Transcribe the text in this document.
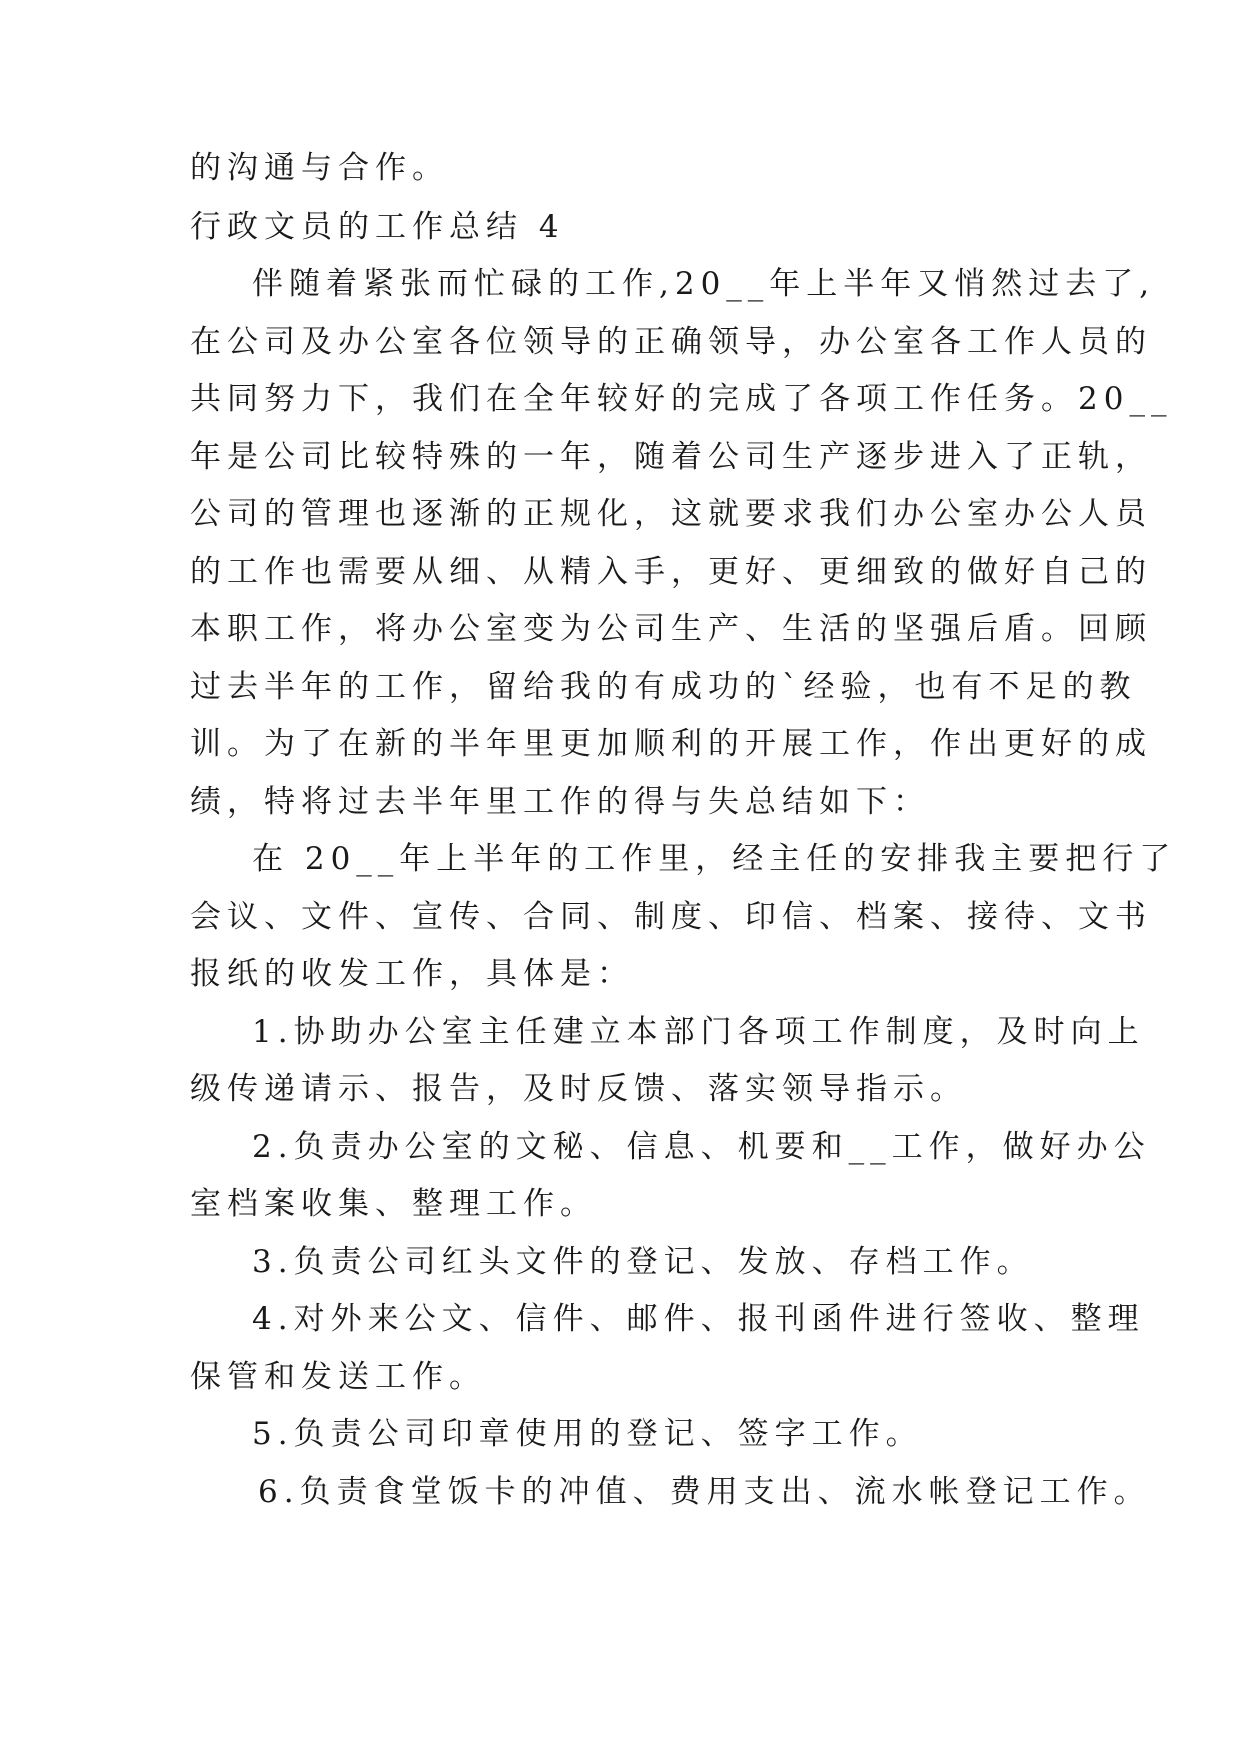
的沟通与合作。
行政文员的工作总结 4
伴随着紧张而忙碌的工作,20__年上半年又悄然过去了,
在公司及办公室各位领导的正确领导，办公室各工作人员的
共同努力下，我们在全年较好的完成了各项工作任务。20__
年是公司比较特殊的一年，随着公司生产逐步进入了正轨，
公司的管理也逐渐的正规化，这就要求我们办公室办公人员
的工作也需要从细、从精入手，更好、更细致的做好自己的
本职工作，将办公室变为公司生产、生活的坚强后盾。回顾
过去半年的工作，留给我的有成功的`经验，也有不足的教
训。为了在新的半年里更加顺利的开展工作，作出更好的成
绩，特将过去半年里工作的得与失总结如下：
在 20__年上半年的工作里，经主任的安排我主要把行了
会议、文件、宣传、合同、制度、印信、档案、接待、文书
报纸的收发工作，具体是：
1.协助办公室主任建立本部门各项工作制度，及时向上
级传递请示、报告，及时反馈、落实领导指示。
2.负责办公室的文秘、信息、机要和__工作，做好办公
室档案收集、整理工作。
3.负责公司红头文件的登记、发放、存档工作。
4.对外来公文、信件、邮件、报刊函件进行签收、整理
保管和发送工作。
5.负责公司印章使用的登记、签字工作。
6.负责食堂饭卡的冲值、费用支出、流水帐登记工作。
